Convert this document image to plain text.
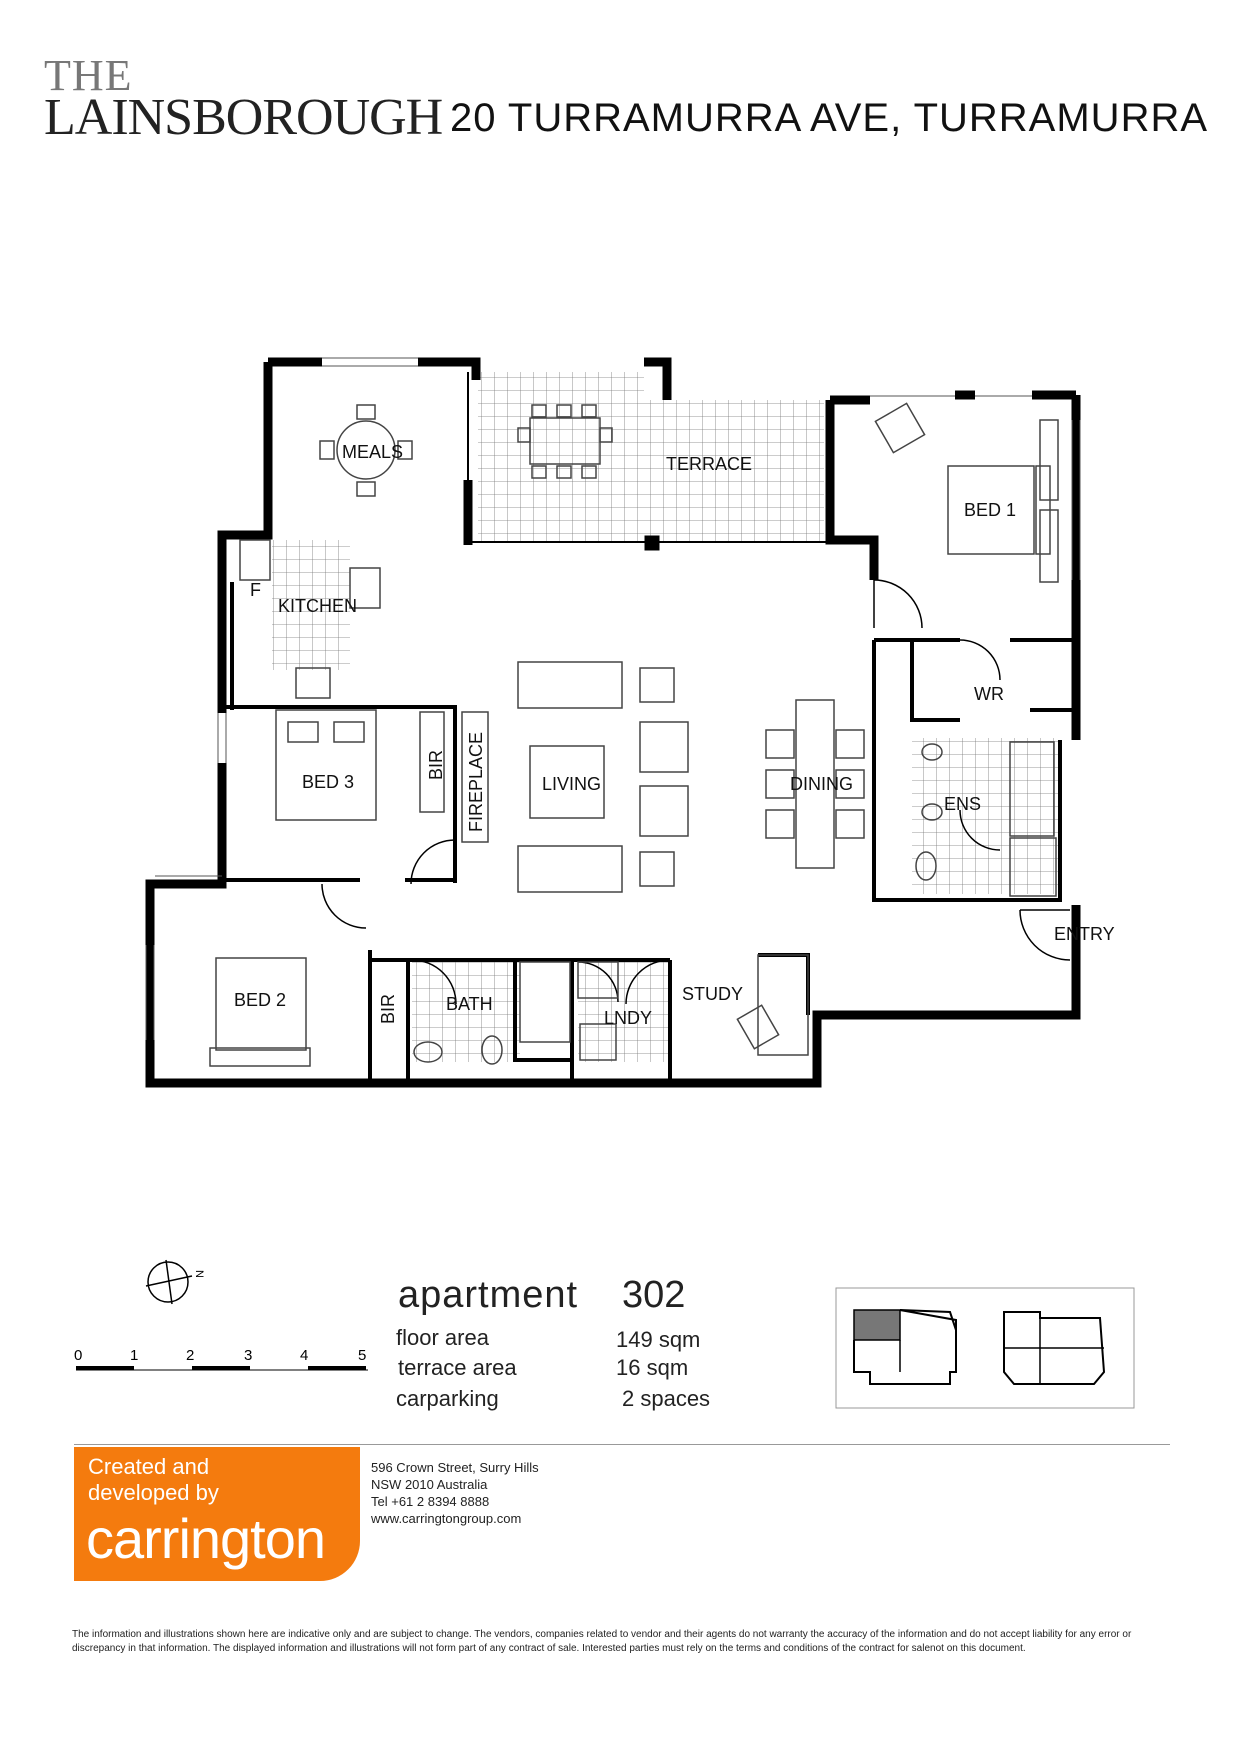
THE
LAINSBOROUGH 20 TURRAMURRA AVE, TURRAMURRA
MEALS
TERRACE
BED 1
F
KITCHEN
WR
BED 3
BIR FIREPLACE	LIVING	DINING
ENS
ENTRY
BED 2	BIR	BATH
LNDY
STUDY
N
0	1	2	3	4	5
apartment 302
floor area	149 sqm
terrace area	16 sqm
carparking	2 spaces
Created and
developed by
carrington
596 Crown Street, Surry Hills
NSW 2010 Australia
Tel +61 2 8394 8888
www.carringtongroup.com
The information and illustrations shown here are indicative only and are subject to change. The vendors, companies related to vendor and their agents do not warranty the accuracy of the information and do not accept liability for any error or discrepancy in that information. The displayed information and illustrations will not form part of any contract of sale. Interested parties must rely on the terms and conditions of the contract for salenot on this document.
